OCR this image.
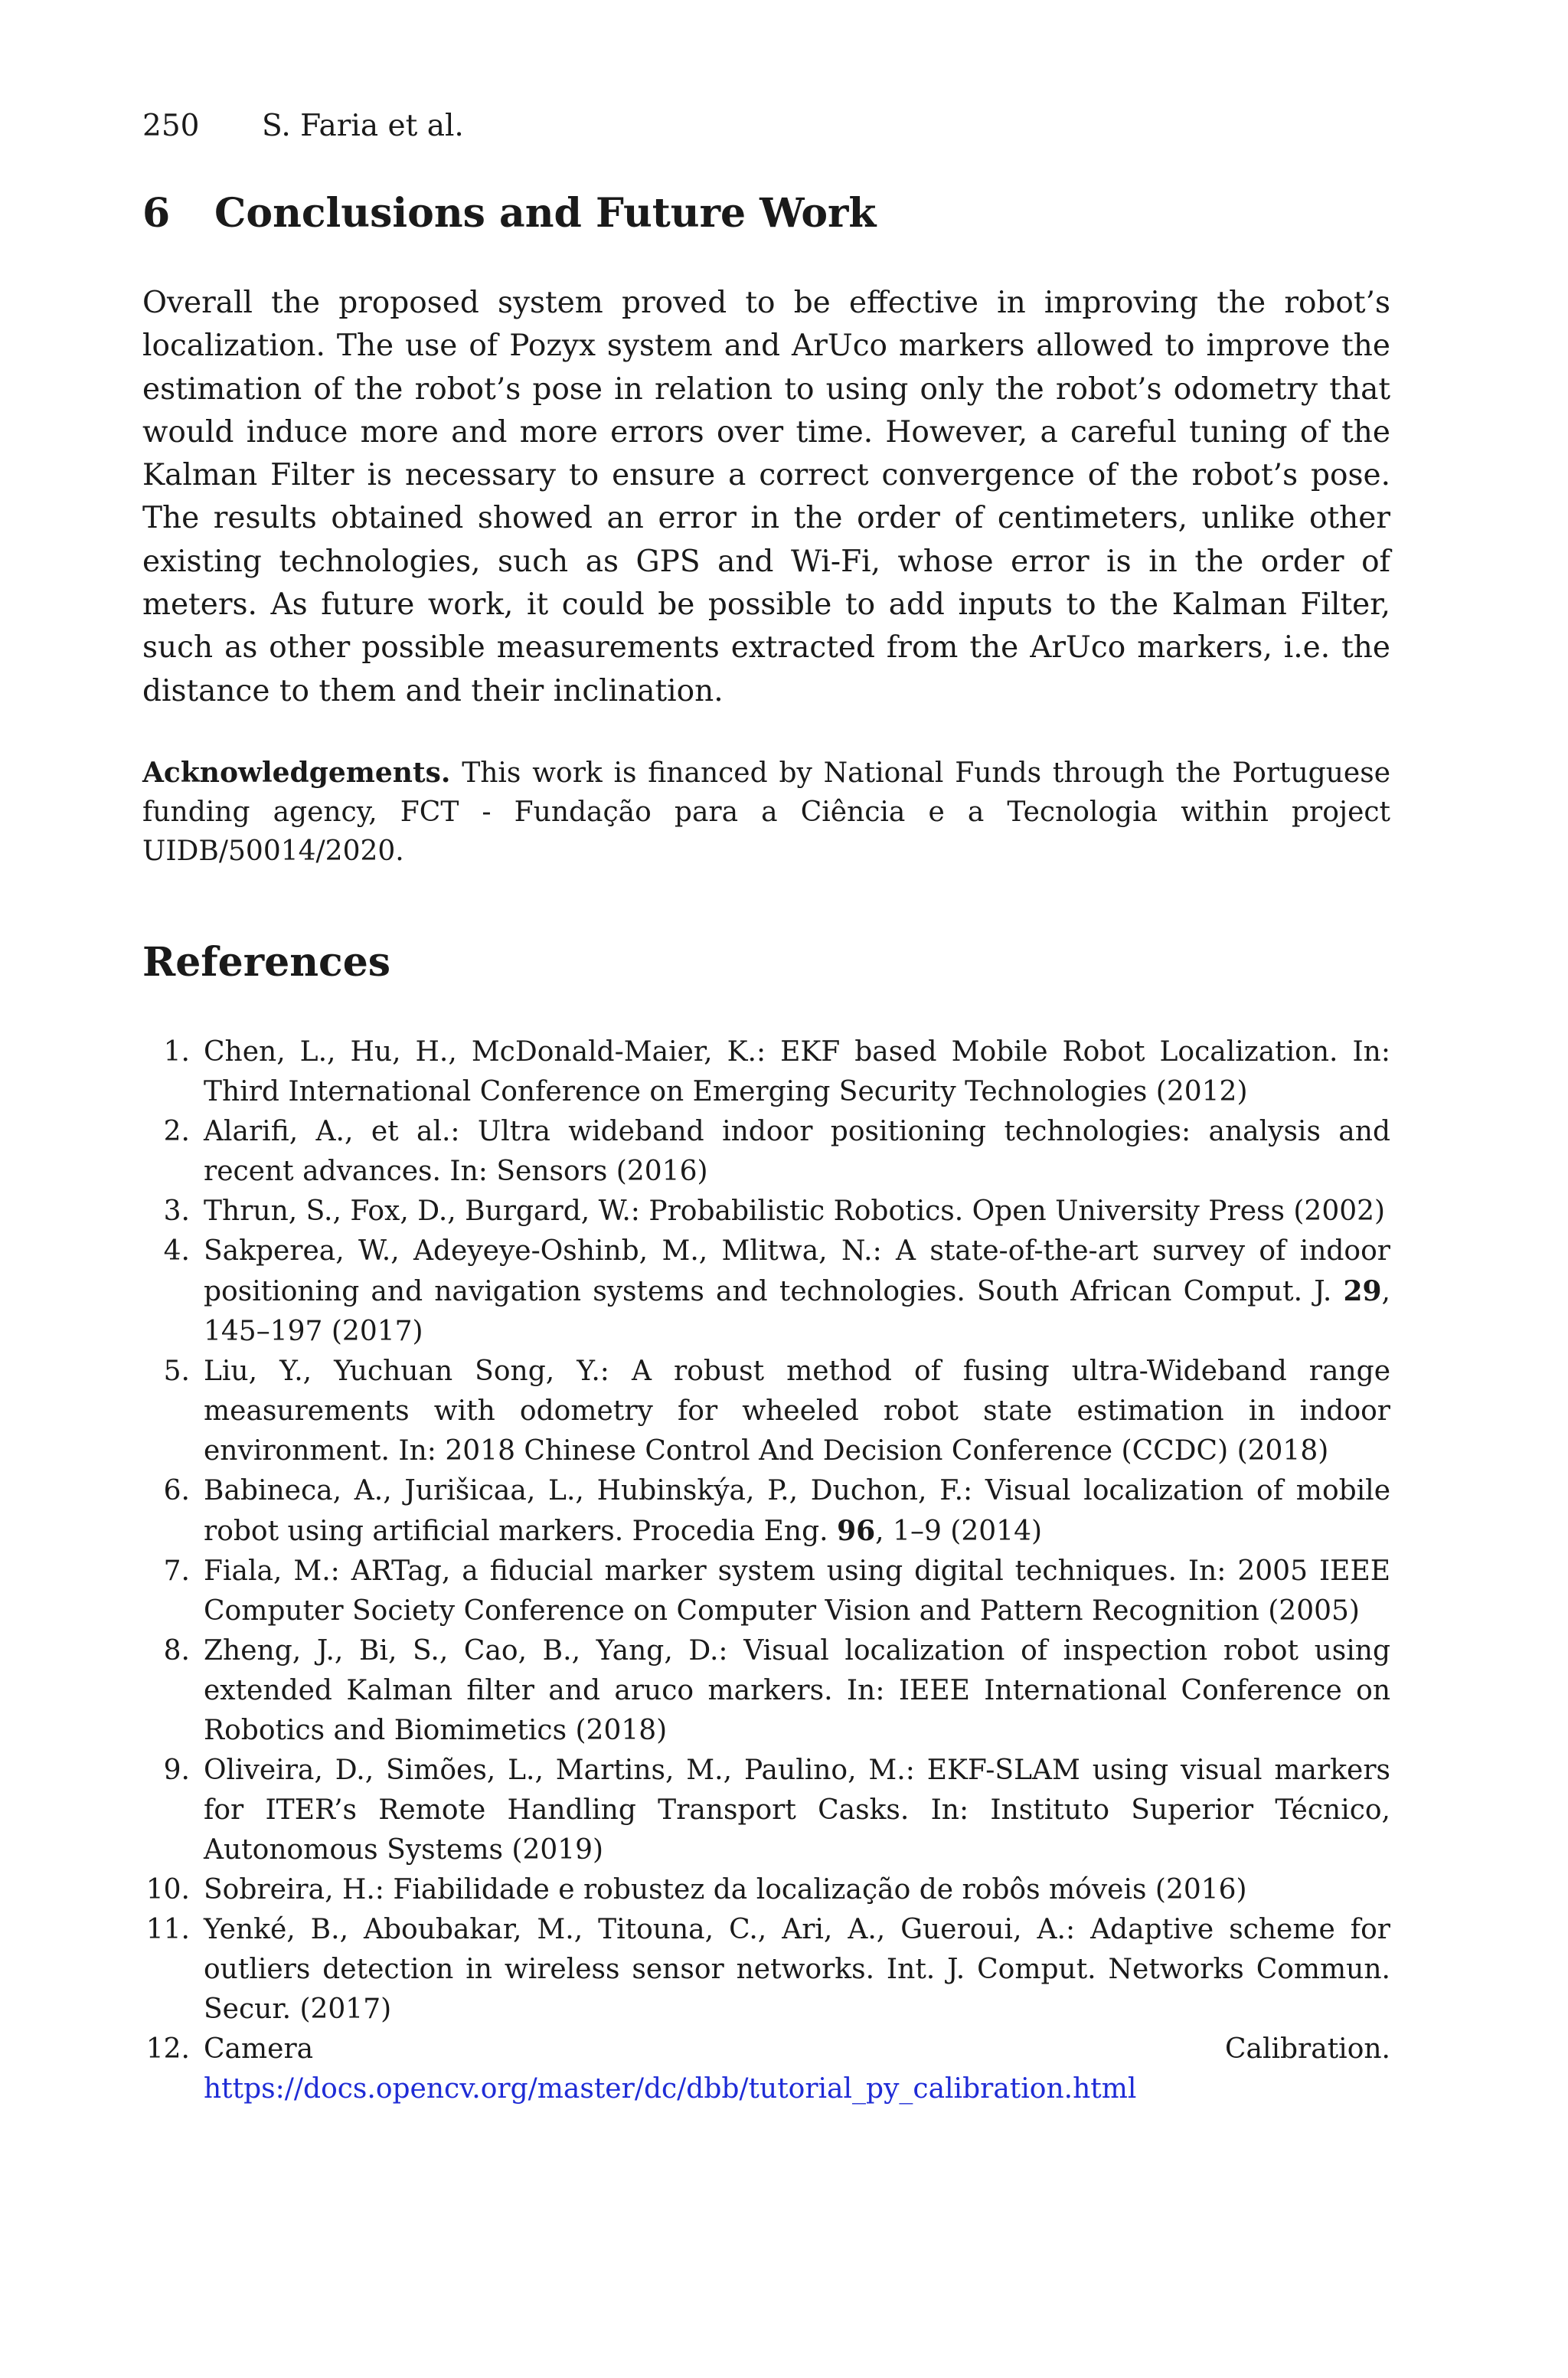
250 S. Faria et al.
6 Conclusions and Future Work

Overall the proposed system proved to be effective in improving the robot’s localization. The use of Pozyx system and ArUco markers allowed to improve the estimation of the robot’s pose in relation to using only the robot’s odometry that would induce more and more errors over time. However, a careful tuning of the Kalman Filter is necessary to ensure a correct convergence of the robot’s pose. The results obtained showed an error in the order of centimeters, unlike other existing technologies, such as GPS and Wi-Fi, whose error is in the order of meters. As future work, it could be possible to add inputs to the Kalman Filter, such as other possible measurements extracted from the ArUco markers, i.e. the distance to them and their inclination.

Acknowledgements. This work is financed by National Funds through the Portuguese funding agency, FCT - Fundação para a Ciência e a Tecnologia within project UIDB/50014/2020.

References
1. Chen, L., Hu, H., McDonald-Maier, K.: EKF based Mobile Robot Localization. In: Third International Conference on Emerging Security Technologies (2012)
2. Alarifi, A., et al.: Ultra wideband indoor positioning technologies: analysis and recent advances. In: Sensors (2016)
3. Thrun, S., Fox, D., Burgard, W.: Probabilistic Robotics. Open University Press (2002)
4. Sakperea, W., Adeyeye-Oshinb, M., Mlitwa, N.: A state-of-the-art survey of indoor positioning and navigation systems and technologies. South African Comput. J. 29, 145–197 (2017)
5. Liu, Y., Yuchuan Song, Y.: A robust method of fusing ultra-Wideband range measurements with odometry for wheeled robot state estimation in indoor environment. In: 2018 Chinese Control And Decision Conference (CCDC) (2018)
6. Babineca, A., Jurišicaa, L., Hubinskýa, P., Duchon, F.: Visual localization of mobile robot using artificial markers. Procedia Eng. 96, 1–9 (2014)
7. Fiala, M.: ARTag, a fiducial marker system using digital techniques. In: 2005 IEEE Computer Society Conference on Computer Vision and Pattern Recognition (2005)
8. Zheng, J., Bi, S., Cao, B., Yang, D.: Visual localization of inspection robot using extended Kalman filter and aruco markers. In: IEEE International Conference on Robotics and Biomimetics (2018)
9. Oliveira, D., Simões, L., Martins, M., Paulino, M.: EKF-SLAM using visual markers for ITER’s Remote Handling Transport Casks. In: Instituto Superior Técnico, Autonomous Systems (2019)
10. Sobreira, H.: Fiabilidade e robustez da localização de robôs móveis (2016)
11. Yenké, B., Aboubakar, M., Titouna, C., Ari, A., Gueroui, A.: Adaptive scheme for outliers detection in wireless sensor networks. Int. J. Comput. Networks Commun. Secur. (2017)
12. Camera Calibration. https://docs.opencv.org/master/dc/dbb/tutorial_py_calibration.html
